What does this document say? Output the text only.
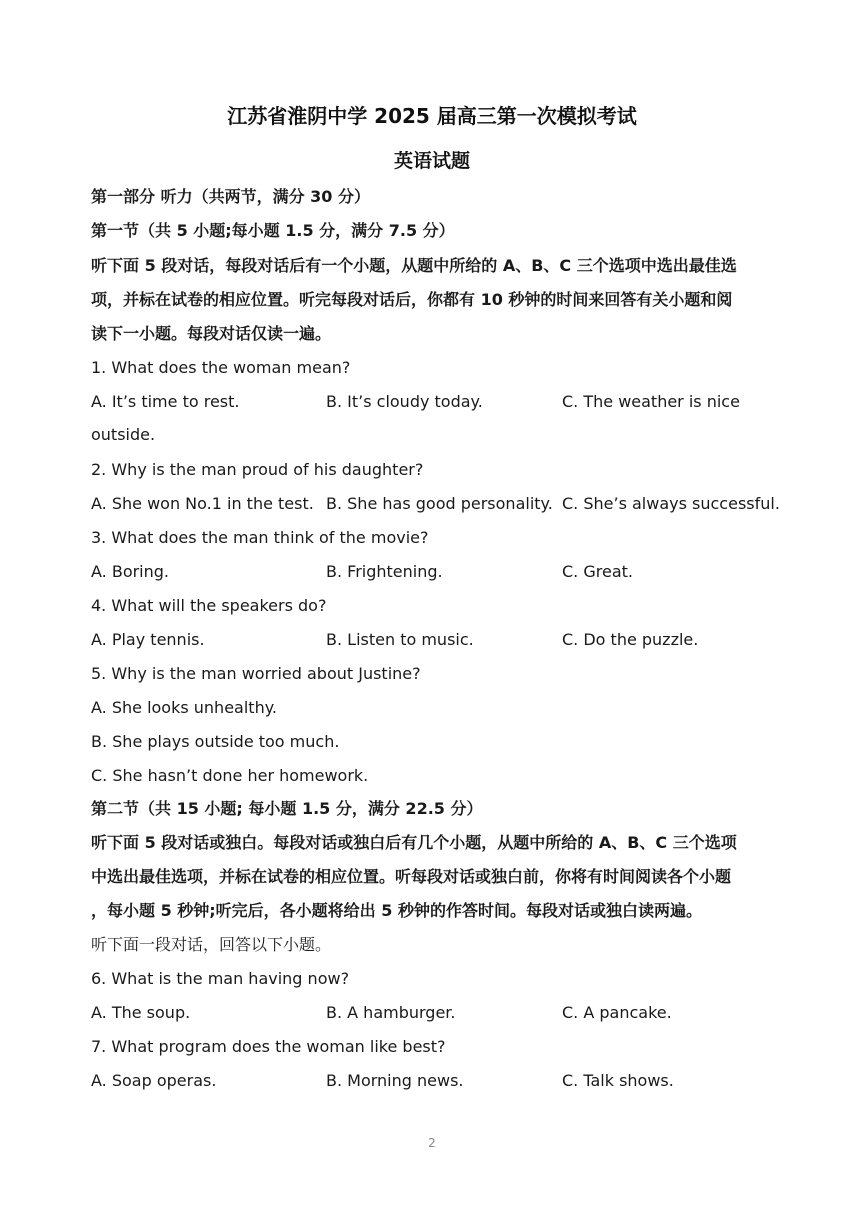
江苏省淮阴中学 2025 届高三第一次模拟考试
英语试题
第一部分 听力（共两节，满分 30 分）
第一节（共 5 小题;每小题 1.5 分，满分 7.5 分）
听下面 5 段对话，每段对话后有一个小题，从题中所给的 A、B、C 三个选项中选出最佳选
项，并标在试卷的相应位置。听完每段对话后，你都有 10 秒钟的时间来回答有关小题和阅
读下一小题。每段对话仅读一遍。
1. What does the woman mean?
A. It’s time to rest.	B. It’s cloudy today.	C. The weather is nice
outside.
2. Why is the man proud of his daughter?
A. She won No.1 in the test. B. She has good personality. C. She’s always successful.
3. What does the man think of the movie?
A. Boring.	B. Frightening.	C. Great.
4. What will the speakers do?
A. Play tennis.	B. Listen to music.	C. Do the puzzle.
5. Why is the man worried about Justine?
A. She looks unhealthy.
B. She plays outside too much.
C. She hasn’t done her homework.
第二节（共 15 小题; 每小题 1.5 分，满分 22.5 分）
听下面 5 段对话或独白。每段对话或独白后有几个小题，从题中所给的 A、B、C 三个选项
中选出最佳选项，并标在试卷的相应位置。听每段对话或独白前，你将有时间阅读各个小题
，每小题 5 秒钟;听完后，各小题将给出 5 秒钟的作答时间。每段对话或独白读两遍。
听下面一段对话，回答以下小题。
6. What is the man having now?
A. The soup.	B. A hamburger.	C. A pancake.
7. What program does the woman like best?
A. Soap operas.	B. Morning news.	C. Talk shows.
2
